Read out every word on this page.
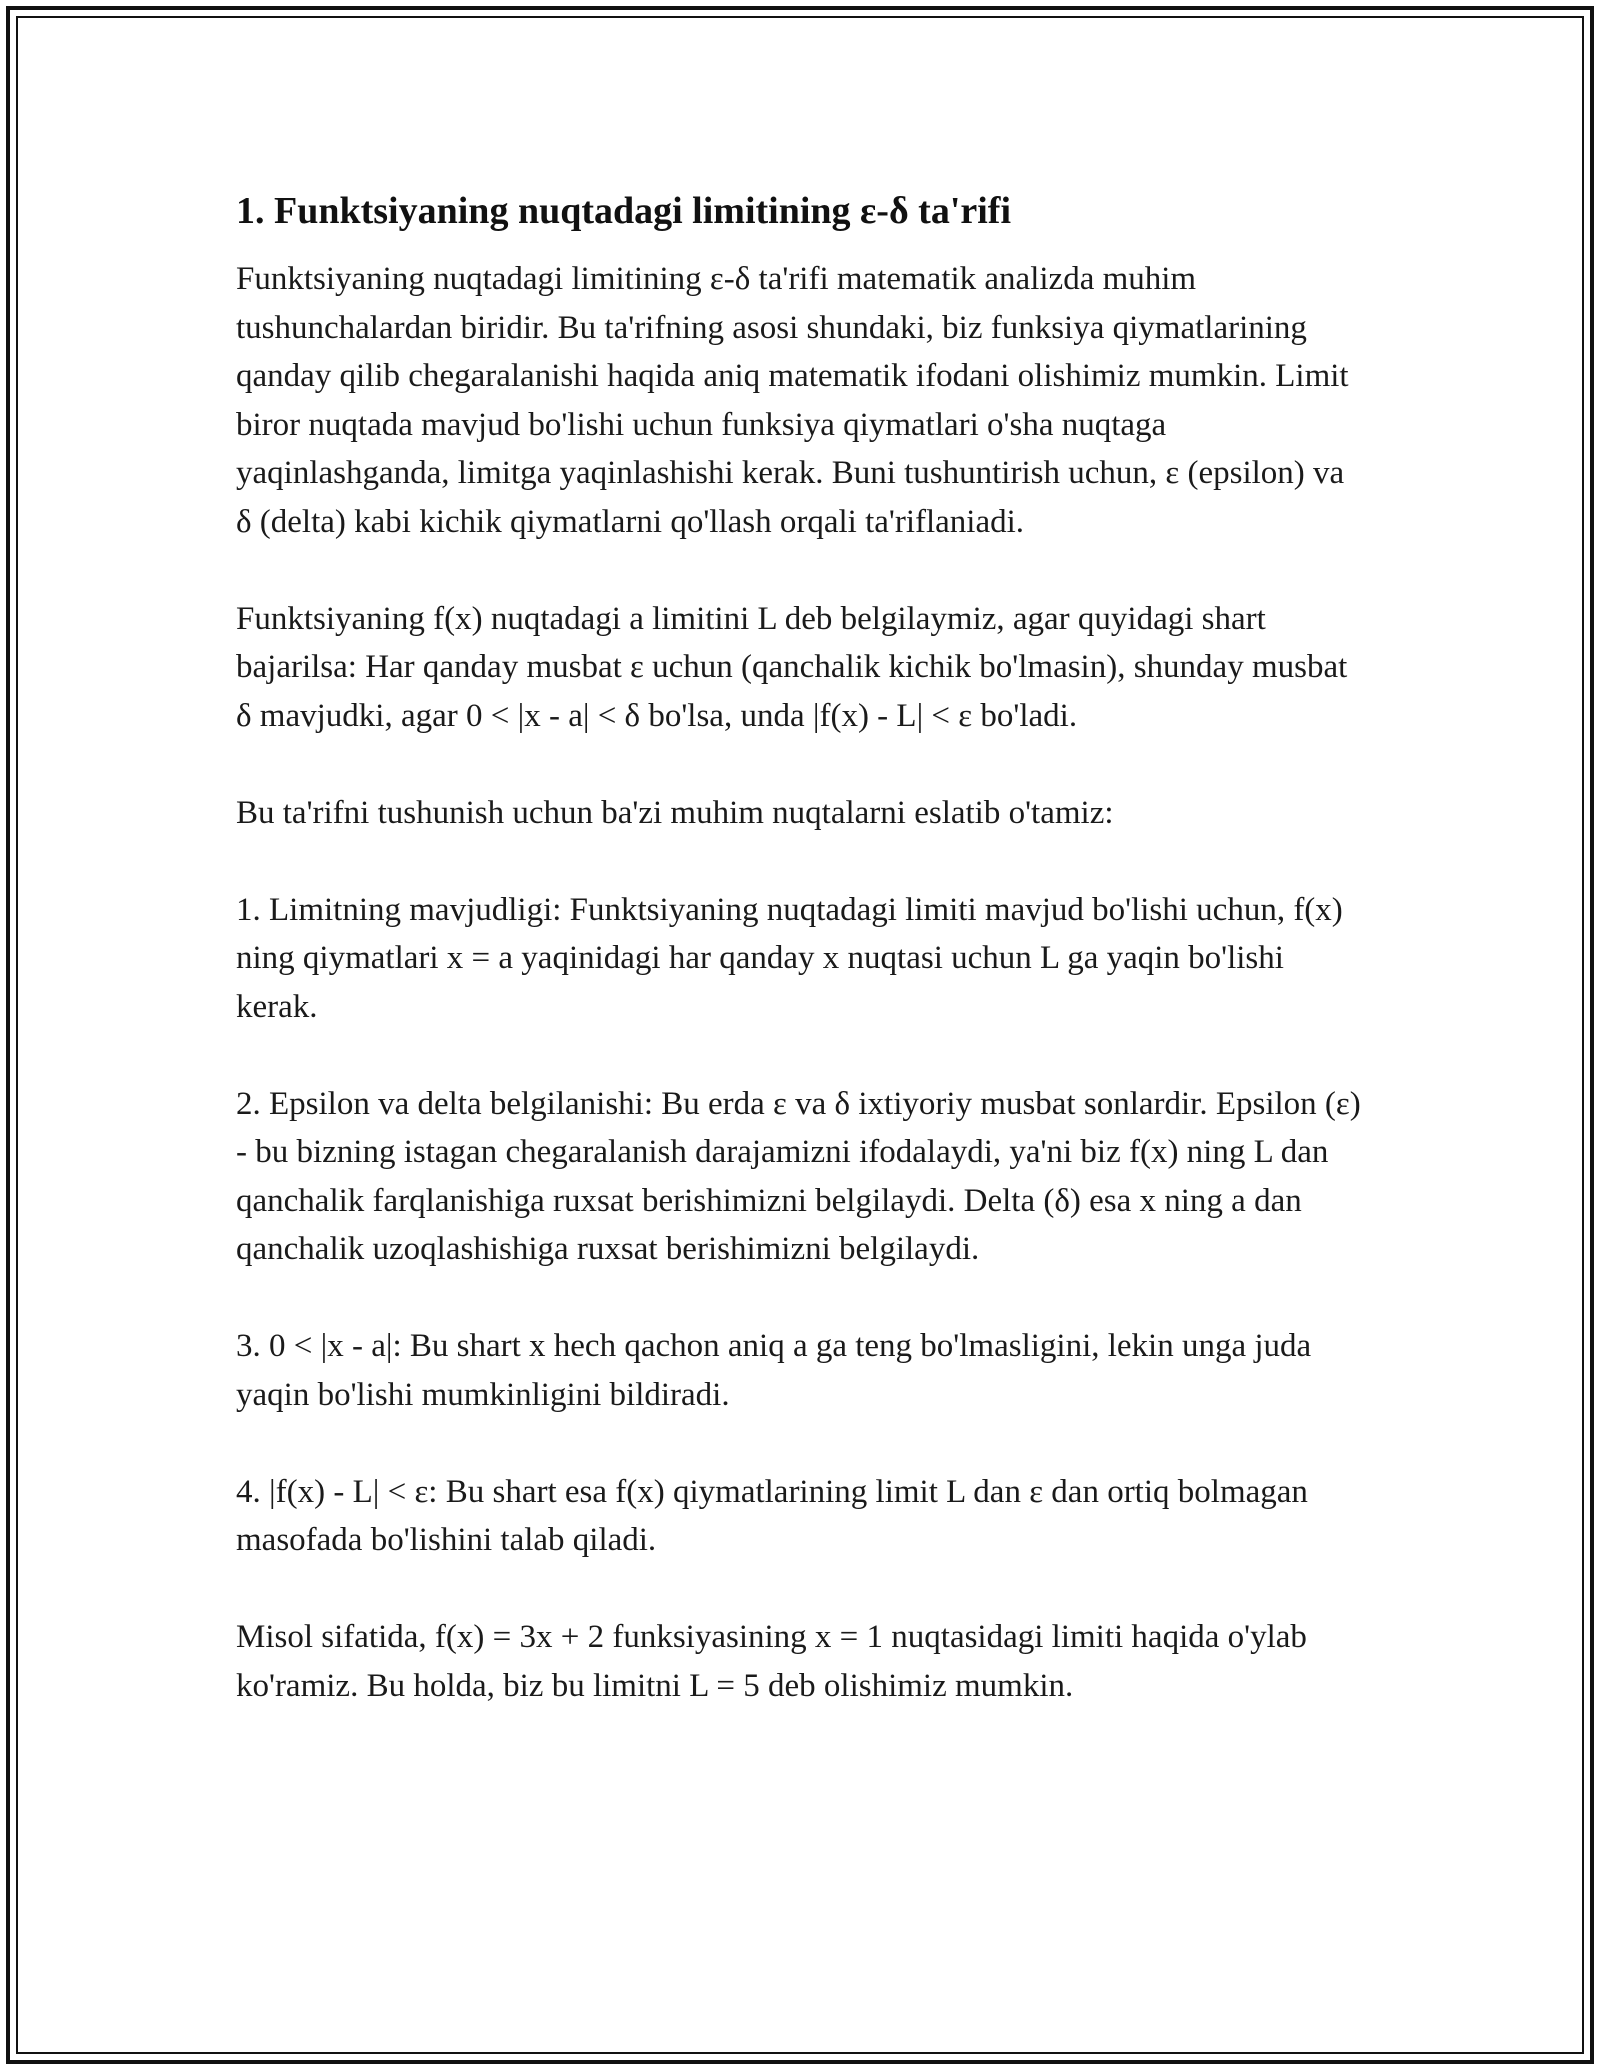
1. Funktsiyaning nuqtadagi limitining ε-δ ta'rifi

Funktsiyaning nuqtadagi limitining ε-δ ta'rifi matematik analizda muhim tushunchalardan biridir. Bu ta'rifning asosi shundaki, biz funksiya qiymatlarining qanday qilib chegaralanishi haqida aniq matematik ifodani olishimiz mumkin. Limit biror nuqtada mavjud bo'lishi uchun funksiya qiymatlari o'sha nuqtaga yaqinlashganda, limitga yaqinlashishi kerak. Buni tushuntirish uchun, ε (epsilon) va δ (delta) kabi kichik qiymatlarni qo'llash orqali ta'riflaniadi.

Funktsiyaning f(x) nuqtadagi a limitini L deb belgilaymiz, agar quyidagi shart bajarilsa: Har qanday musbat ε uchun (qanchalik kichik bo'lmasin), shunday musbat δ mavjudki, agar 0 < |x - a| < δ bo'lsa, unda |f(x) - L| < ε bo'ladi.

Bu ta'rifni tushunish uchun ba'zi muhim nuqtalarni eslatib o'tamiz:

1. Limitning mavjudligi: Funktsiyaning nuqtadagi limiti mavjud bo'lishi uchun, f(x) ning qiymatlari x = a yaqinidagi har qanday x nuqtasi uchun L ga yaqin bo'lishi kerak.

2. Epsilon va delta belgilanishi: Bu erda ε va δ ixtiyoriy musbat sonlardir. Epsilon (ε) - bu bizning istagan chegaralanish darajamizni ifodalaydi, ya'ni biz f(x) ning L dan qanchalik farqlanishiga ruxsat berishimizni belgilaydi. Delta (δ) esa x ning a dan qanchalik uzoqlashishiga ruxsat berishimizni belgilaydi.

3. 0 < |x - a|: Bu shart x hech qachon aniq a ga teng bo'lmasligini, lekin unga juda yaqin bo'lishi mumkinligini bildiradi.

4. |f(x) - L| < ε: Bu shart esa f(x) qiymatlarining limit L dan ε dan ortiq bolmagan masofada bo'lishini talab qiladi.

Misol sifatida, f(x) = 3x + 2 funksiyasining x = 1 nuqtasidagi limiti haqida o'ylab ko'ramiz. Bu holda, biz bu limitni L = 5 deb olishimiz mumkin.
